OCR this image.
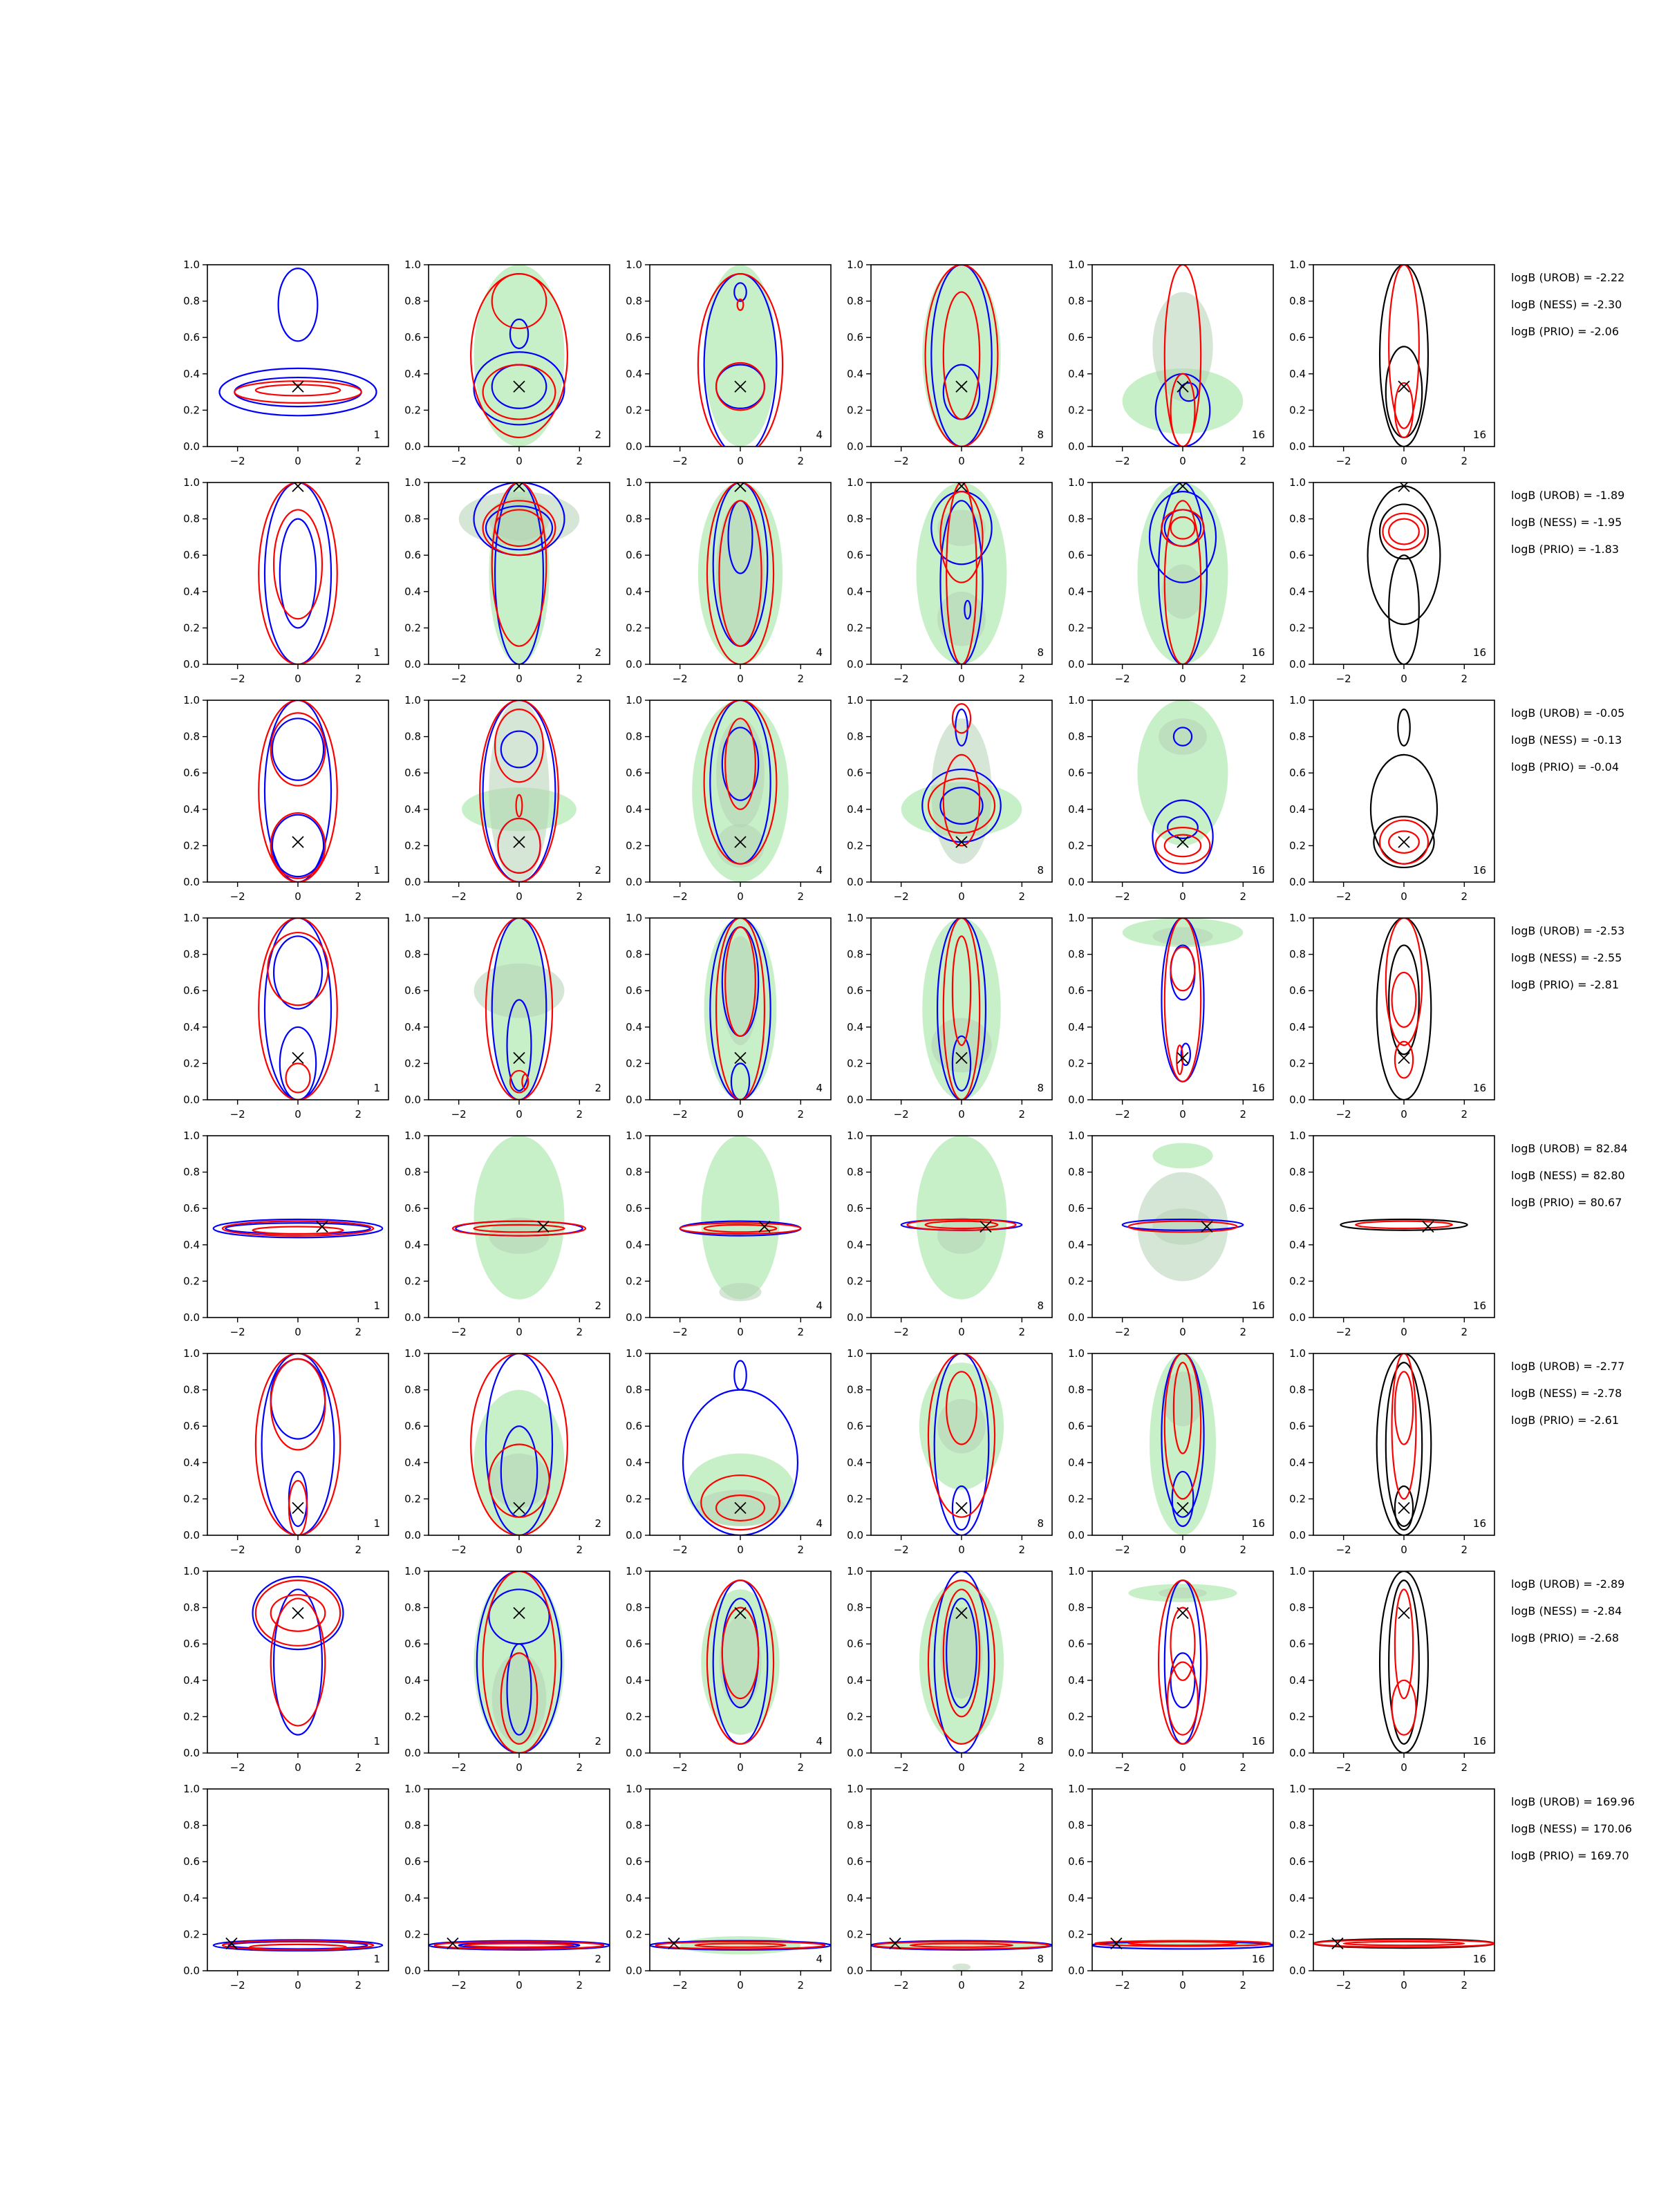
−2	0	2
0.0
0.2
0.4
0.6
0.8
1.0
1
−2	0	2
0.0
0.2
0.4
0.6
0.8
1.0
2
−2	0	2
0.0
0.2
0.4
0.6
0.8
1.0
4
−2	0	2
0.0
0.2
0.4
0.6
0.8
1.0
8
−2	0	2
0.0
0.2
0.4
0.6
0.8
1.0
16
−2	0	2
0.0
0.2
0.4
0.6
0.8
1.0
16
logB (UROB) = -2.22
logB (NESS) = -2.30
logB (PRIO) = -2.06
−2	0	2
0.0
0.2
0.4
0.6
0.8
1.0
1
−2	0	2
0.0
0.2
0.4
0.6
0.8
1.0
2
−2	0	2
0.0
0.2
0.4
0.6
0.8
1.0
4
−2	0	2
0.0
0.2
0.4
0.6
0.8
1.0
8
−2	0	2
0.0
0.2
0.4
0.6
0.8
1.0
16
−2	0	2
0.0
0.2
0.4
0.6
0.8
1.0
16
logB (UROB) = -1.89
logB (NESS) = -1.95
logB (PRIO) = -1.83
−2	0	2
0.0
0.2
0.4
0.6
0.8
1.0
1
−2	0	2
0.0
0.2
0.4
0.6
0.8
1.0
2
−2	0	2
0.0
0.2
0.4
0.6
0.8
1.0
4
−2	0	2
0.0
0.2
0.4
0.6
0.8
1.0
8
−2	0	2
0.0
0.2
0.4
0.6
0.8
1.0
16
−2	0	2
0.0
0.2
0.4
0.6
0.8
1.0
16
logB (UROB) = -0.05
logB (NESS) = -0.13
logB (PRIO) = -0.04
−2	0	2
0.0
0.2
0.4
0.6
0.8
1.0
1
−2	0	2
0.0
0.2
0.4
0.6
0.8
1.0
2
−2	0	2
0.0
0.2
0.4
0.6
0.8
1.0
4
−2	0	2
0.0
0.2
0.4
0.6
0.8
1.0
8
−2	0	2
0.0
0.2
0.4
0.6
0.8
1.0
16
−2	0	2
0.0
0.2
0.4
0.6
0.8
1.0
16
logB (UROB) = -2.53
logB (NESS) = -2.55
logB (PRIO) = -2.81
−2	0	2
0.0
0.2
0.4
0.6
0.8
1.0
1
−2	0	2
0.0
0.2
0.4
0.6
0.8
1.0
2
−2	0	2
0.0
0.2
0.4
0.6
0.8
1.0
4
−2	0	2
0.0
0.2
0.4
0.6
0.8
1.0
8
−2	0	2
0.0
0.2
0.4
0.6
0.8
1.0
16
−2	0	2
0.0
0.2
0.4
0.6
0.8
1.0
16
logB (UROB) = 82.84
logB (NESS) = 82.80
logB (PRIO) = 80.67
−2	0	2
0.0
0.2
0.4
0.6
0.8
1.0
1
−2	0	2
0.0
0.2
0.4
0.6
0.8
1.0
2
−2	0	2
0.0
0.2
0.4
0.6
0.8
1.0
4
−2	0	2
0.0
0.2
0.4
0.6
0.8
1.0
8
−2	0	2
0.0
0.2
0.4
0.6
0.8
1.0
16
−2	0	2
0.0
0.2
0.4
0.6
0.8
1.0
16
logB (UROB) = -2.77
logB (NESS) = -2.78
logB (PRIO) = -2.61
−2	0	2
0.0
0.2
0.4
0.6
0.8
1.0
1
−2	0	2
0.0
0.2
0.4
0.6
0.8
1.0
2
−2	0	2
0.0
0.2
0.4
0.6
0.8
1.0
4
−2	0	2
0.0
0.2
0.4
0.6
0.8
1.0
8
−2	0	2
0.0
0.2
0.4
0.6
0.8
1.0
16
−2	0	2
0.0
0.2
0.4
0.6
0.8
1.0
16
logB (UROB) = -2.89
logB (NESS) = -2.84
logB (PRIO) = -2.68
−2	0	2
0.0
0.2
0.4
0.6
0.8
1.0
1
−2	0	2
0.0
0.2
0.4
0.6
0.8
1.0
2
−2	0	2
0.0
0.2
0.4
0.6
0.8
1.0
4
−2	0	2
0.0
0.2
0.4
0.6
0.8
1.0
8
−2	0	2
0.0
0.2
0.4
0.6
0.8
1.0
16
−2	0	2
0.0
0.2
0.4
0.6
0.8
1.0
16
logB (UROB) = 169.96
logB (NESS) = 170.06
logB (PRIO) = 169.70
